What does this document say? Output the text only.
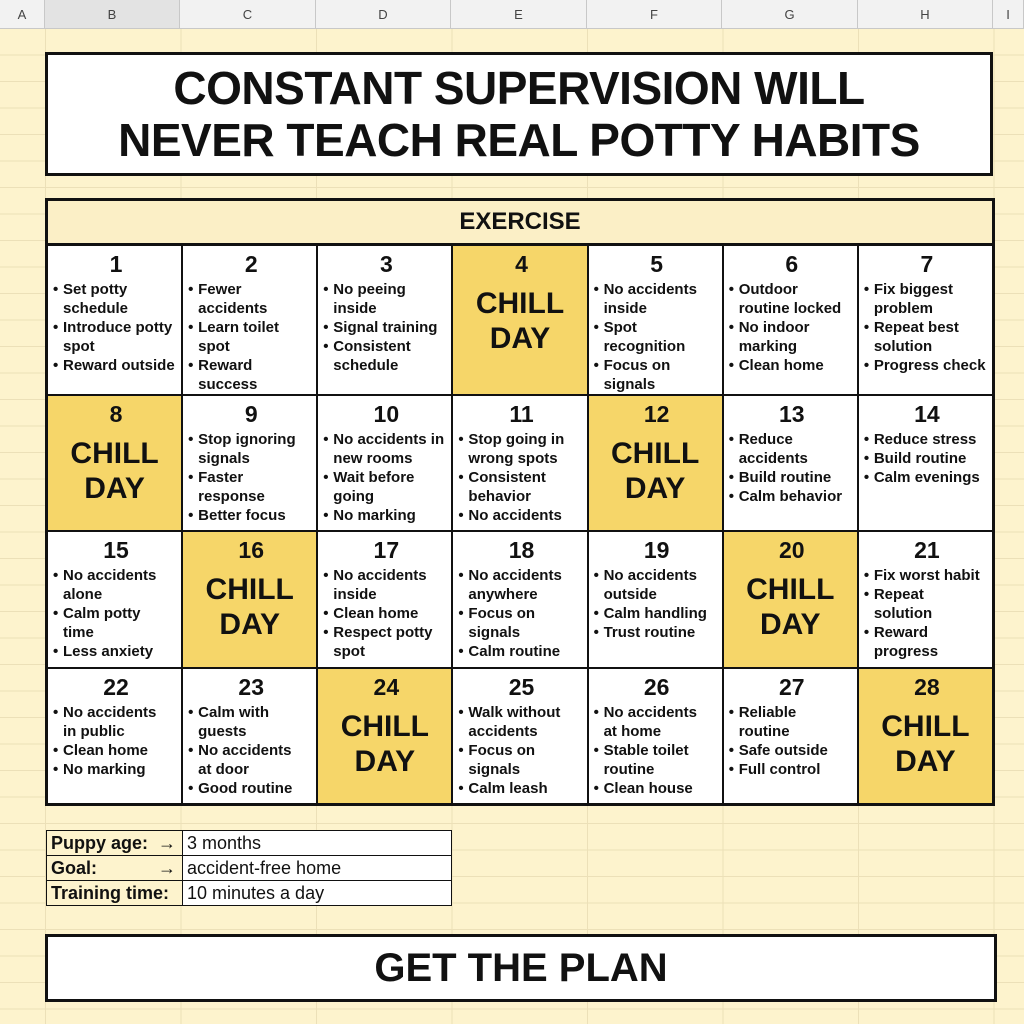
A	B	C	D	E	F	G	H	I
CONSTANT SUPERVISION WILL NEVER TEACH REAL POTTY HABITS
EXERCISE
1
• Set potty
schedule
• Introduce potty
spot
• Reward outside
2
• Fewer
accidents
• Learn toilet spot
• Reward
success
3
• No peeing
inside
• Signal training
• Consistent
schedule
4
CHILL
DAY
5
• No accidents
inside
• Spot
recognition
• Focus on
signals
6
• Outdoor
routine locked
• No indoor
marking
• Clean home
7
• Fix biggest
problem
• Repeat best
solution
• Progress check
8
CHILL
DAY
9
• Stop ignoring
signals
• Faster
response
• Better focus
10
• No accidents in
new rooms
• Wait before
going
• No marking
11
• Stop going in
wrong spots
• Consistent
behavior
• No accidents
12
CHILL
DAY
13
• Reduce
accidents
• Build routine
• Calm behavior
14
• Reduce stress
• Build routine
• Calm evenings
15
• No accidents
alone
• Calm potty
time
• Less anxiety
16
CHILL
DAY
17
• No accidents
inside
• Clean home
• Respect potty
spot
18
• No accidents
anywhere
• Focus on
signals
• Calm routine
19
• No accidents
outside
• Calm handling
• Trust routine
20
CHILL
DAY
21
• Fix worst habit
• Repeat
solution
• Reward
progress
22
• No accidents
in public
• Clean home
• No marking
23
• Calm with
guests
• No accidents
at door
• Good routine
24
CHILL
DAY
25
• Walk without
accidents
• Focus on
signals
• Calm leash
26
• No accidents
at home
• Stable toilet
routine
• Clean house
27
• Reliable
routine
• Safe outside
• Full control
28
CHILL
DAY
Puppy age: →	3 months
Goal: →	accident-free home
Training time:	10 minutes a day
GET THE PLAN
